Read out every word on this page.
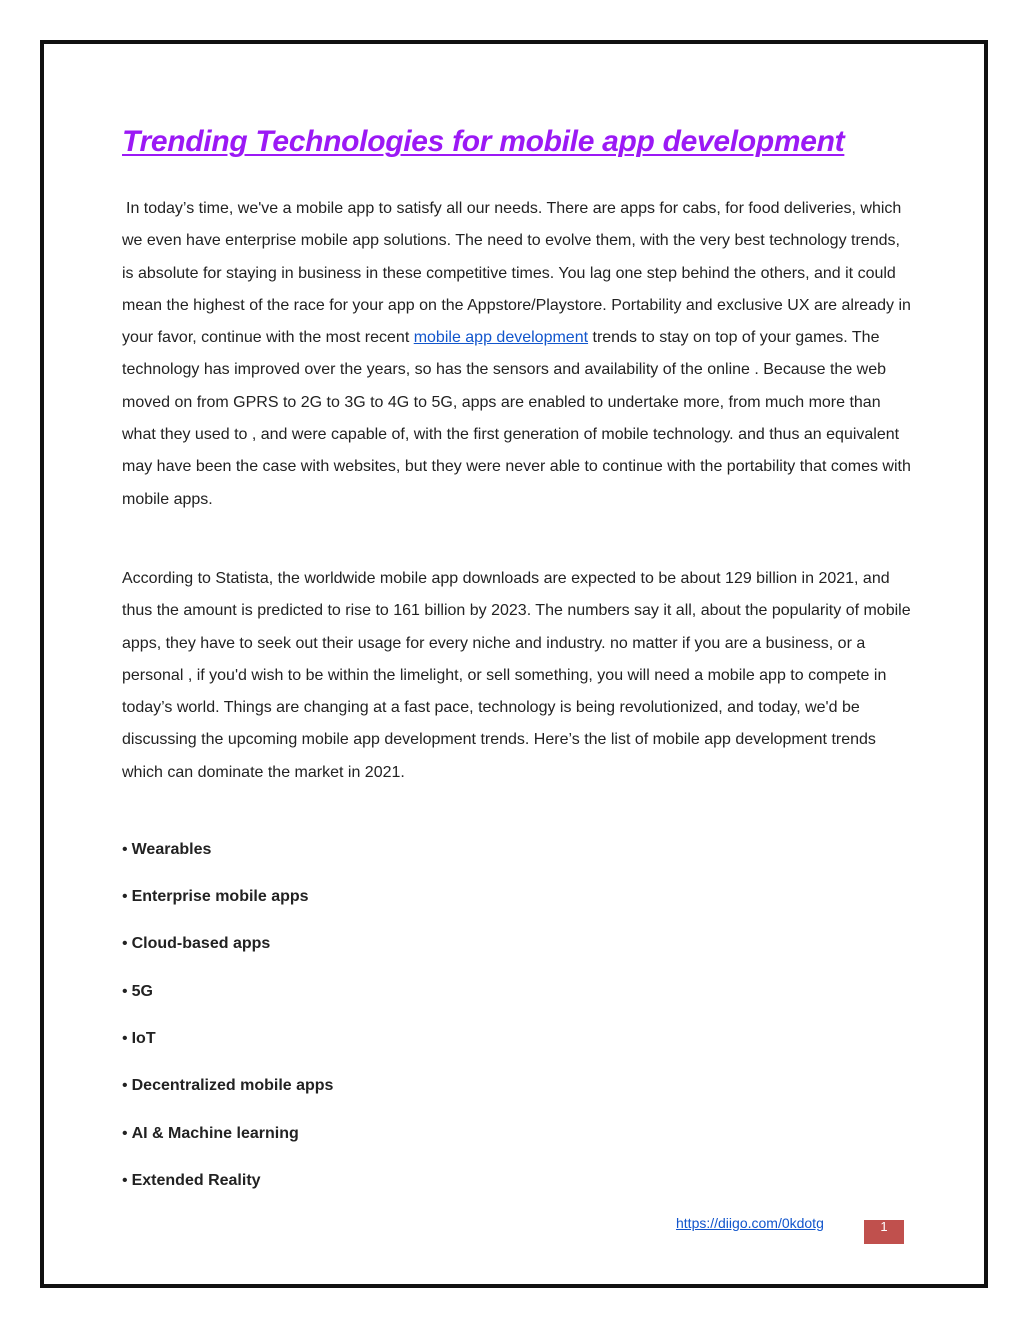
Trending Technologies for mobile app development

In today’s time, we've a mobile app to satisfy all our needs. There are apps for cabs, for food deliveries, which we even have enterprise mobile app solutions. The need to evolve them, with the very best technology trends, is absolute for staying in business in these competitive times. You lag one step behind the others, and it could mean the highest of the race for your app on the Appstore/Playstore. Portability and exclusive UX are already in your favor, continue with the most recent mobile app development trends to stay on top of your games. The technology has improved over the years, so has the sensors and availability of the online . Because the web moved on from GPRS to 2G to 3G to 4G to 5G, apps are enabled to undertake more, from much more than what they used to , and were capable of, with the first generation of mobile technology. and thus an equivalent may have been the case with websites, but they were never able to continue with the portability that comes with mobile apps.

According to Statista, the worldwide mobile app downloads are expected to be about 129 billion in 2021, and thus the amount is predicted to rise to 161 billion by 2023. The numbers say it all, about the popularity of mobile apps, they have to seek out their usage for every niche and industry. no matter if you are a business, or a personal , if you'd wish to be within the limelight, or sell something, you will need a mobile app to compete in today’s world. Things are changing at a fast pace, technology is being revolutionized, and today, we'd be discussing the upcoming mobile app development trends. Here’s the list of mobile app development trends which can dominate the market in 2021.

• Wearables

• Enterprise mobile apps

• Cloud-based apps

• 5G

• IoT

• Decentralized mobile apps

• AI & Machine learning

• Extended Reality

https://diigo.com/0kdotg	1
